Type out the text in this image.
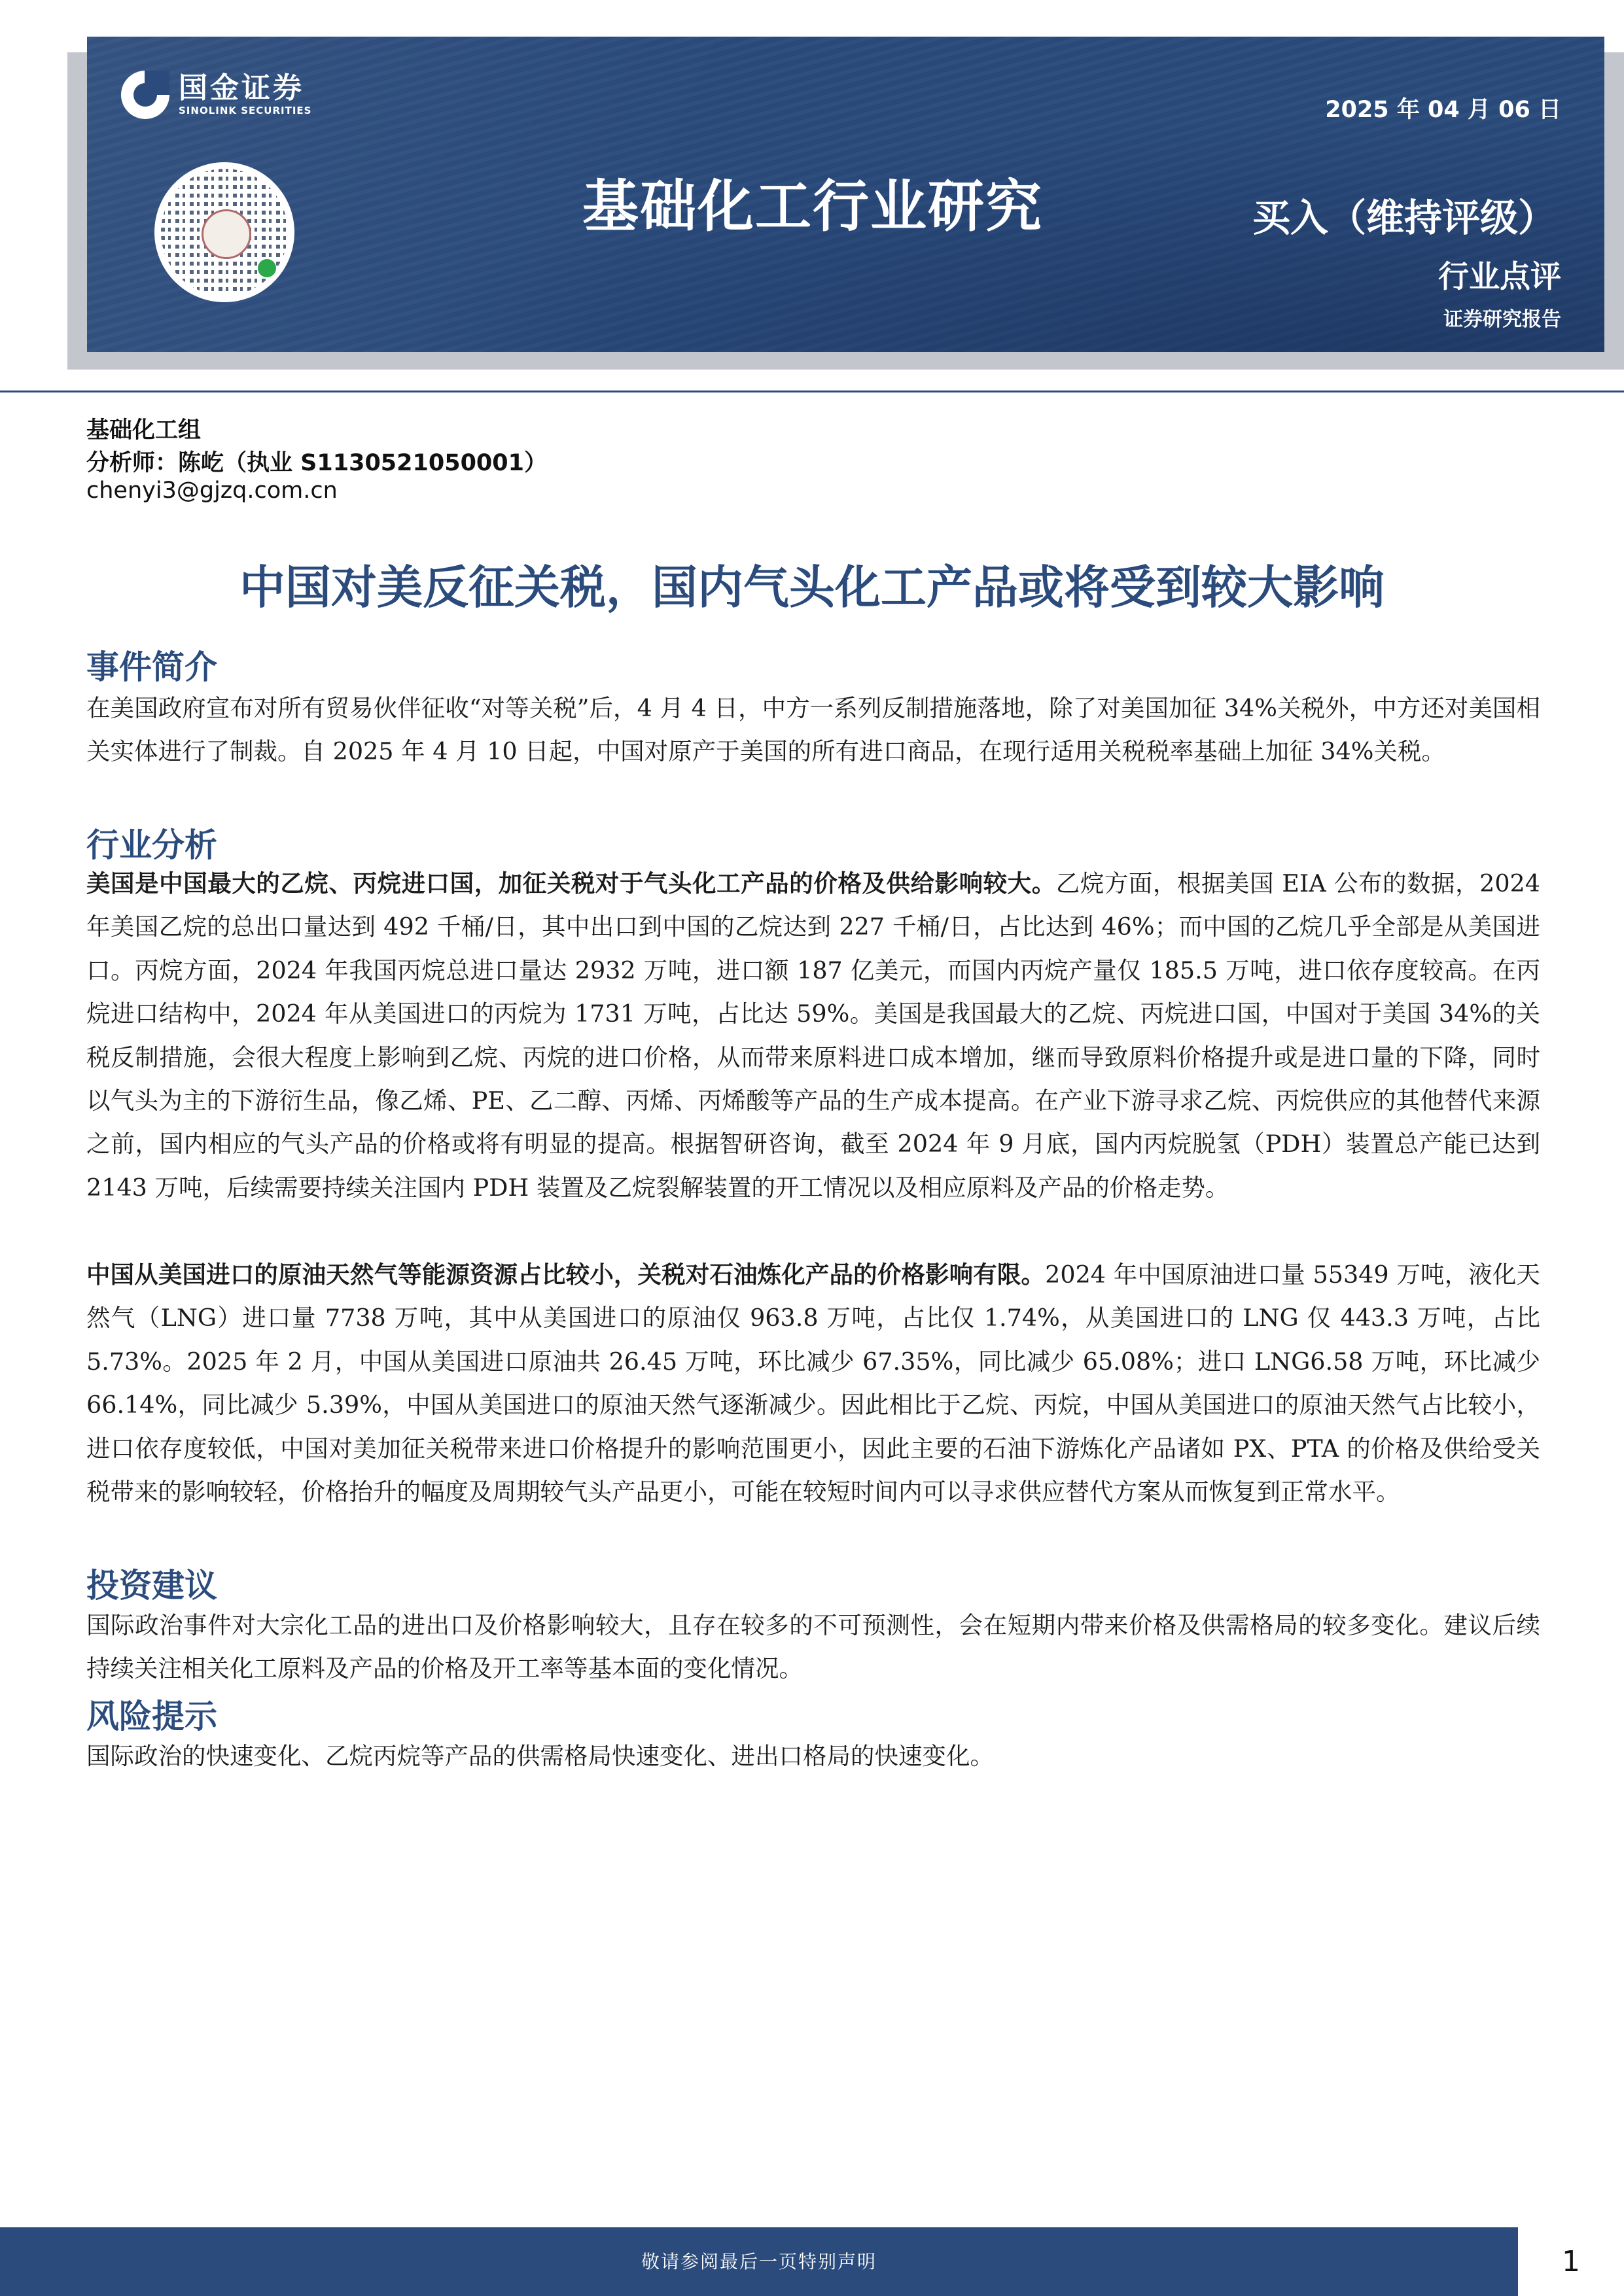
国金证券
SINOLINK SECURITIES	2025 年 04 月 06 日
基础化工行业研究	买入（维持评级）
行业点评
证券研究报告
基础化工组
分析师：陈屹（执业 S1130521050001）
chenyi3@gjzq.com.cn
中国对美反征关税，国内气头化工产品或将受到较大影响
事件简介
在美国政府宣布对所有贸易伙伴征收“对等关税”后，4 月 4 日，中方一系列反制措施落地，除了对美国加征 34%关税外，中方还对美国相关实体进行了制裁。自 2025 年 4 月 10 日起，中国对原产于美国的所有进口商品，在现行适用关税税率基础上加征 34%关税。
行业分析
美国是中国最大的乙烷、丙烷进口国，加征关税对于气头化工产品的价格及供给影响较大。乙烷方面，根据美国 EIA 公布的数据，2024 年美国乙烷的总出口量达到 492 千桶/日，其中出口到中国的乙烷达到 227 千桶/日，占比达到 46%；而中国的乙烷几乎全部是从美国进口。丙烷方面，2024 年我国丙烷总进口量达 2932 万吨，进口额 187 亿美元，而国内丙烷产量仅 185.5 万吨，进口依存度较高。在丙烷进口结构中，2024 年从美国进口的丙烷为 1731 万吨，占比达 59%。美国是我国最大的乙烷、丙烷进口国，中国对于美国 34%的关税反制措施，会很大程度上影响到乙烷、丙烷的进口价格，从而带来原料进口成本增加，继而导致原料价格提升或是进口量的下降，同时以气头为主的下游衍生品，像乙烯、PE、乙二醇、丙烯、丙烯酸等产品的生产成本提高。在产业下游寻求乙烷、丙烷供应的其他替代来源之前，国内相应的气头产品的价格或将有明显的提高。根据智研咨询，截至 2024 年 9 月底，国内丙烷脱氢（PDH）装置总产能已达到 2143 万吨，后续需要持续关注国内 PDH 装置及乙烷裂解装置的开工情况以及相应原料及产品的价格走势。
中国从美国进口的原油天然气等能源资源占比较小，关税对石油炼化产品的价格影响有限。2024 年中国原油进口量 55349 万吨，液化天然气（LNG）进口量 7738 万吨，其中从美国进口的原油仅 963.8 万吨，占比仅 1.74%，从美国进口的 LNG 仅 443.3 万吨，占比 5.73%。2025 年 2 月，中国从美国进口原油共 26.45 万吨，环比减少 67.35%，同比减少 65.08%；进口 LNG6.58 万吨，环比减少 66.14%，同比减少 5.39%，中国从美国进口的原油天然气逐渐减少。因此相比于乙烷、丙烷，中国从美国进口的原油天然气占比较小，进口依存度较低，中国对美加征关税带来进口价格提升的影响范围更小，因此主要的石油下游炼化产品诸如 PX、PTA 的价格及供给受关税带来的影响较轻，价格抬升的幅度及周期较气头产品更小，可能在较短时间内可以寻求供应替代方案从而恢复到正常水平。
投资建议
国际政治事件对大宗化工品的进出口及价格影响较大，且存在较多的不可预测性，会在短期内带来价格及供需格局的较多变化。建议后续持续关注相关化工原料及产品的价格及开工率等基本面的变化情况。
风险提示
国际政治的快速变化、乙烷丙烷等产品的供需格局快速变化、进出口格局的快速变化。
敬请参阅最后一页特别声明	1
